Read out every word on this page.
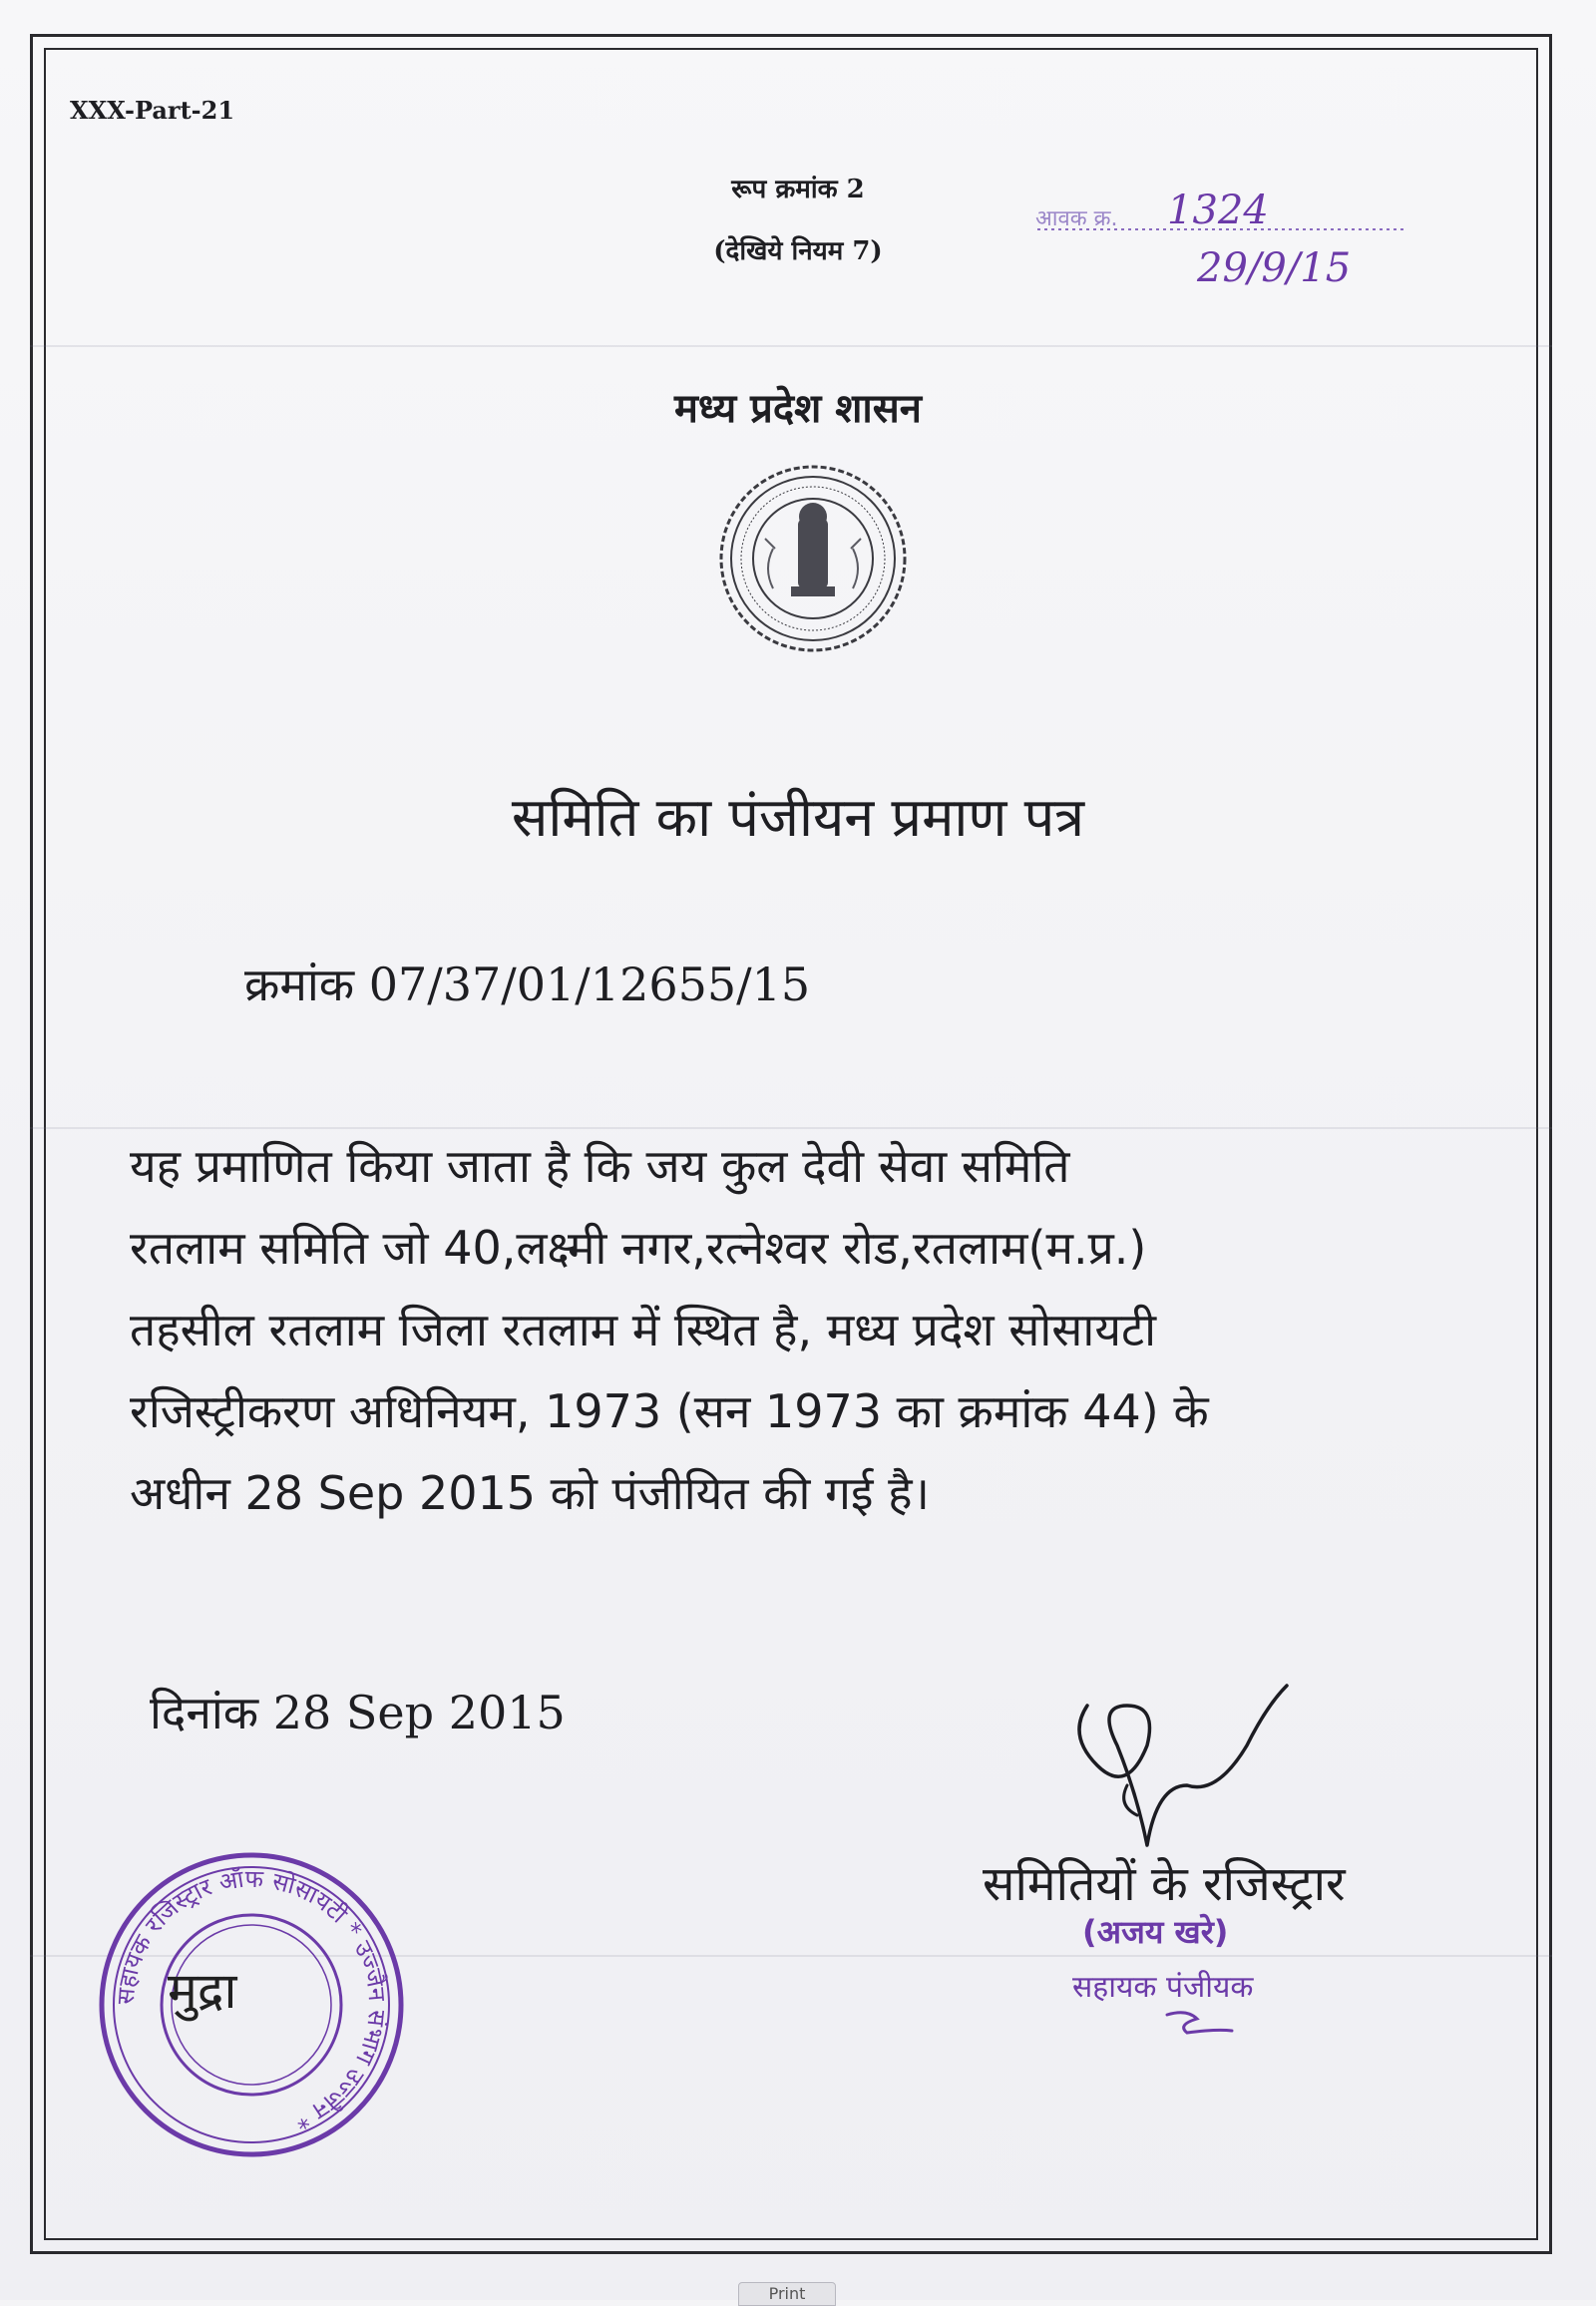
XXX-Part-21
रूप क्रमांक 2
(देखिये नियम 7)
आवक क्र. 1324
29/9/15
मध्य प्रदेश शासन
समिति का पंजीयन प्रमाण पत्र
क्रमांक 07/37/01/12655/15
यह प्रमाणित किया जाता है कि जय कुल देवी सेवा समिति
रतलाम समिति जो 40,लक्ष्मी नगर,रत्नेश्वर रोड,रतलाम(म.प्र.)
तहसील रतलाम जिला रतलाम में स्थित है, मध्य प्रदेश सोसायटी
रजिस्ट्रीकरण अधिनियम, 1973 (सन 1973 का क्रमांक 44) के
अधीन 28 Sep 2015 को पंजीयित की गई है।
दिनांक 28 Sep 2015
समितियों के रजिस्ट्रार
(अजय खरे)
सहायक पंजीयक
सहायक रजिस्ट्रार ऑफ सोसायटी * उज्जैन संभाग उज्जैन *
मुद्रा
Print
